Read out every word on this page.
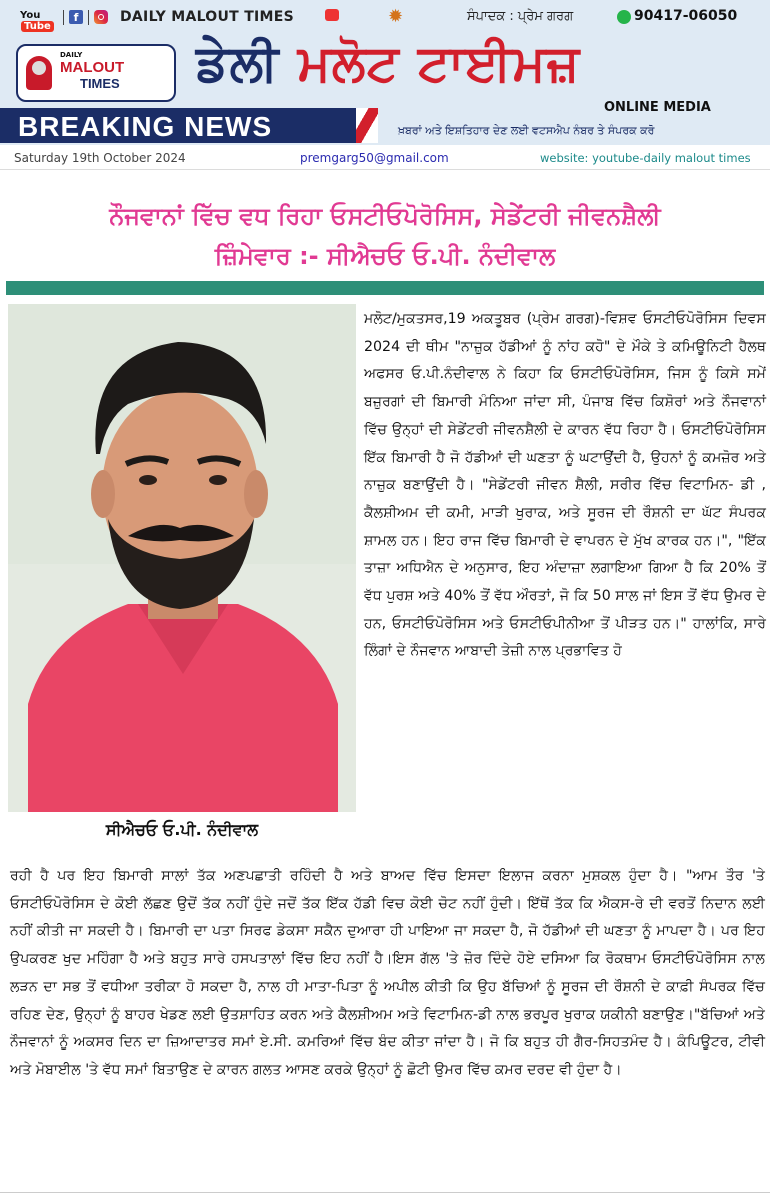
YouTube
f	DAILY MALOUT TIMES	✹	ਸੰਪਾਦਕ : ਪ੍ਰੇਮ ਗਰਗ	90417-06050
DAILY
MALOUT
TIMES ਡੇਲੀ ਮਲੋਟ ਟਾਈਮਜ਼
ONLINE MEDIA
BREAKING NEWS	ਖ਼ਬਰਾਂ ਅਤੇ ਇਸ਼ਤਿਹਾਰ ਦੇਣ ਲਈ ਵਟਸਐਪ ਨੰਬਰ ਤੇ ਸੰਪਰਕ ਕਰੋ
Saturday 19th October 2024	premgarg50@gmail.com	website: youtube-daily malout times
ਨੌਜਵਾਨਾਂ ਵਿੱਚ ਵਧ ਰਿਹਾ ਓਸਟੀਓਪੋਰੋਸਿਸ, ਸੇਡੇਂਟਰੀ ਜੀਵਨਸ਼ੈਲੀ
ਜ਼ਿੰਮੇਵਾਰ :- ਸੀਐਚਓ ਓ.ਪੀ. ਨੰਦੀਵਾਲ
ਸੀਐਚਓ ਓ.ਪੀ. ਨੰਦੀਵਾਲ
ਮਲੋਟ/ਮੁਕਤਸਰ,19 ਅਕਤੂਬਰ (ਪ੍ਰੇਮ ਗਰਗ)-ਵਿਸ਼ਵ ਓਸਟੀਓਪੋਰੋਸਿਸ ਦਿਵਸ 2024 ਦੀ ਥੀਮ "ਨਾਜ਼ੁਕ ਹੱਡੀਆਂ ਨੂੰ ਨਾਂਹ ਕਹੋ" ਦੇ ਮੌਕੇ ਤੇ ਕਮਿਊਨਿਟੀ ਹੈਲਥ ਅਫਸਰ ਓ.ਪੀ.ਨੰਦੀਵਾਲ ਨੇ ਕਿਹਾ ਕਿ ਓਸਟੀਓਪੋਰੋਸਿਸ, ਜਿਸ ਨੂੰ ਕਿਸੇ ਸਮੇਂ ਬਜ਼ੁਰਗਾਂ ਦੀ ਬਿਮਾਰੀ ਮੰਨਿਆ ਜਾਂਦਾ ਸੀ, ਪੰਜਾਬ ਵਿੱਚ ਕਿਸ਼ੋਰਾਂ ਅਤੇ ਨੌਜਵਾਨਾਂ ਵਿੱਚ ਉਨ੍ਹਾਂ ਦੀ ਸੇਡੇਂਟਰੀ ਜੀਵਨਸ਼ੈਲੀ ਦੇ ਕਾਰਨ ਵੱਧ ਰਿਹਾ ਹੈ। ਓਸਟੀਓਪੋਰੋਸਿਸ ਇੱਕ ਬਿਮਾਰੀ ਹੈ ਜੋ ਹੱਡੀਆਂ ਦੀ ਘਣਤਾ ਨੂੰ ਘਟਾਉਂਦੀ ਹੈ, ਉਹਨਾਂ ਨੂੰ ਕਮਜ਼ੋਰ ਅਤੇ ਨਾਜ਼ੁਕ ਬਣਾਉਂਦੀ ਹੈ। "ਸੇਡੇਂਟਰੀ ਜੀਵਨ ਸ਼ੈਲੀ, ਸਰੀਰ ਵਿੱਚ ਵਿਟਾਮਿਨ- ਡੀ , ਕੈਲਸ਼ੀਅਮ ਦੀ ਕਮੀ, ਮਾੜੀ ਖੁਰਾਕ, ਅਤੇ ਸੂਰਜ ਦੀ ਰੌਸ਼ਨੀ ਦਾ ਘੱਟ ਸੰਪਰਕ ਸ਼ਾਮਲ ਹਨ। ਇਹ ਰਾਜ ਵਿੱਚ ਬਿਮਾਰੀ ਦੇ ਵਾਪਰਨ ਦੇ ਮੁੱਖ ਕਾਰਕ ਹਨ।", "ਇੱਕ ਤਾਜ਼ਾ ਅਧਿਐਨ ਦੇ ਅਨੁਸਾਰ, ਇਹ ਅੰਦਾਜ਼ਾ ਲਗਾਇਆ ਗਿਆ ਹੈ ਕਿ 20% ਤੋਂ ਵੱਧ ਪੁਰਸ਼ ਅਤੇ 40% ਤੋਂ ਵੱਧ ਔਰਤਾਂ, ਜੋ ਕਿ 50 ਸਾਲ ਜਾਂ ਇਸ ਤੋਂ ਵੱਧ ਉਮਰ ਦੇ ਹਨ, ਓਸਟੀਓਪੋਰੋਸਿਸ ਅਤੇ ਓਸਟੀਓਪੀਨੀਆ ਤੋਂ ਪੀੜਤ ਹਨ।" ਹਾਲਾਂਕਿ, ਸਾਰੇ ਲਿੰਗਾਂ ਦੇ ਨੌਜਵਾਨ ਆਬਾਦੀ ਤੇਜ਼ੀ ਨਾਲ ਪ੍ਰਭਾਵਿਤ ਹੋ
ਰਹੀ ਹੈ ਪਰ ਇਹ ਬਿਮਾਰੀ ਸਾਲਾਂ ਤੱਕ ਅਣਪਛਾਤੀ ਰਹਿੰਦੀ ਹੈ ਅਤੇ ਬਾਅਦ ਵਿੱਚ ਇਸਦਾ ਇਲਾਜ ਕਰਨਾ ਮੁਸ਼ਕਲ ਹੁੰਦਾ ਹੈ। "ਆਮ ਤੌਰ 'ਤੇ ਓਸਟੀਓਪੋਰੋਸਿਸ ਦੇ ਕੋਈ ਲੱਛਣ ਉਦੋਂ ਤੱਕ ਨਹੀਂ ਹੁੰਦੇ ਜਦੋਂ ਤੱਕ ਇੱਕ ਹੱਡੀ ਵਿਚ ਕੋਈ ਚੋਟ ਨਹੀਂ ਹੁੰਦੀ। ਇੱਥੋਂ ਤੱਕ ਕਿ ਐਕਸ-ਰੇ ਦੀ ਵਰਤੋਂ ਨਿਦਾਨ ਲਈ ਨਹੀਂ ਕੀਤੀ ਜਾ ਸਕਦੀ ਹੈ। ਬਿਮਾਰੀ ਦਾ ਪਤਾ ਸਿਰਫ ਡੇਕਸਾ ਸਕੈਨ ਦੁਆਰਾ ਹੀ ਪਾਇਆ ਜਾ ਸਕਦਾ ਹੈ, ਜੋ ਹੱਡੀਆਂ ਦੀ ਘਣਤਾ ਨੂੰ ਮਾਪਦਾ ਹੈ। ਪਰ ਇਹ ਉਪਕਰਣ ਖੁਦ ਮਹਿੰਗਾ ਹੈ ਅਤੇ ਬਹੁਤ ਸਾਰੇ ਹਸਪਤਾਲਾਂ ਵਿੱਚ ਇਹ ਨਹੀਂ ਹੈ।ਇਸ ਗੱਲ 'ਤੇ ਜ਼ੋਰ ਦਿੰਦੇ ਹੋਏ ਦਸਿਆ ਕਿ ਰੋਕਥਾਮ ਓਸਟੀਓਪੋਰੋਸਿਸ ਨਾਲ ਲੜਨ ਦਾ ਸਭ ਤੋਂ ਵਧੀਆ ਤਰੀਕਾ ਹੋ ਸਕਦਾ ਹੈ, ਨਾਲ ਹੀ ਮਾਤਾ-ਪਿਤਾ ਨੂੰ ਅਪੀਲ ਕੀਤੀ ਕਿ ਉਹ ਬੱਚਿਆਂ ਨੂੰ ਸੂਰਜ ਦੀ ਰੌਸ਼ਨੀ ਦੇ ਕਾਫ਼ੀ ਸੰਪਰਕ ਵਿੱਚ ਰਹਿਣ ਦੇਣ, ਉਨ੍ਹਾਂ ਨੂੰ ਬਾਹਰ ਖੇਡਣ ਲਈ ਉਤਸ਼ਾਹਿਤ ਕਰਨ ਅਤੇ ਕੈਲਸ਼ੀਅਮ ਅਤੇ ਵਿਟਾਮਿਨ-ਡੀ ਨਾਲ ਭਰਪੂਰ ਖੁਰਾਕ ਯਕੀਨੀ ਬਣਾਉਣ।"ਬੱਚਿਆਂ ਅਤੇ ਨੌਜਵਾਨਾਂ ਨੂੰ ਅਕਸਰ ਦਿਨ ਦਾ ਜ਼ਿਆਦਾਤਰ ਸਮਾਂ ਏ.ਸੀ. ਕਮਰਿਆਂ ਵਿੱਚ ਬੰਦ ਕੀਤਾ ਜਾਂਦਾ ਹੈ। ਜੋ ਕਿ ਬਹੁਤ ਹੀ ਗੈਰ-ਸਿਹਤਮੰਦ ਹੈ। ਕੰਪਿਊਟਰ, ਟੀਵੀ ਅਤੇ ਮੋਬਾਈਲ 'ਤੇ ਵੱਧ ਸਮਾਂ ਬਿਤਾਉਣ ਦੇ ਕਾਰਨ ਗਲਤ ਆਸਣ ਕਰਕੇ ਉਨ੍ਹਾਂ ਨੂੰ ਛੋਟੀ ਉਮਰ ਵਿੱਚ ਕਮਰ ਦਰਦ ਵੀ ਹੁੰਦਾ ਹੈ।
